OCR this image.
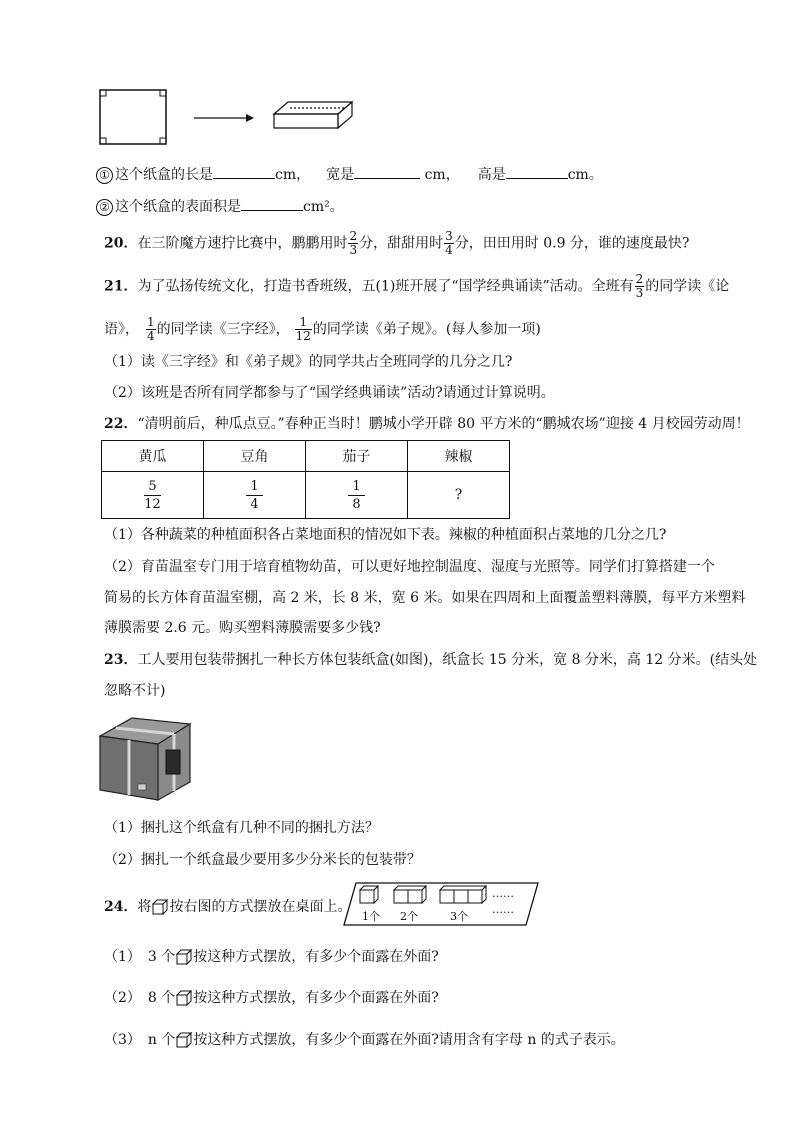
① 这个纸盒的长是	cm， 宽是	cm， 高是	cm。
② 这个纸盒的表面积是	cm²。
20．在三阶魔方速拧比赛中，鹏鹏用时 $\frac{2}{3}$ 分，甜甜用时 $\frac{3}{4}$ 分，田田用时 0.9 分，谁的速度最快?
21．为了弘扬传统文化，打造书香班级，五(1)班开展了“国学经典诵读”活动。全班有 $\frac{2}{3}$ 的同学读《论
语》， $\frac{1}{4}$ 的同学读《三字经》， $\frac{1}{12}$ 的同学读《弟子规》。(每人参加一项)
（1）读《三字经》和《弟子规》的同学共占全班同学的几分之几?
（2）该班是否所有同学都参与了“国学经典诵读”活动?请通过计算说明。
22．“清明前后，种瓜点豆。”春种正当时！鹏城小学开辟 80 平方米的“鹏城农场”迎接 4 月校园劳动周！
黄瓜	豆角	茄子	辣椒

$\frac{5}{12}$	$\frac{1}{4}$	$\frac{1}{8}$	?
（1）各种蔬菜的种植面积各占菜地面积的情况如下表。辣椒的种植面积占菜地的几分之几?
（2）育苗温室专门用于培育植物幼苗，可以更好地控制温度、湿度与光照等。同学们打算搭建一个
简易的长方体育苗温室棚，高 2 米，长 8 米，宽 6 米。如果在四周和上面覆盖塑料薄膜，每平方米塑料
薄膜需要 2.6 元。购买塑料薄膜需要多少钱?
23．工人要用包装带捆扎一种长方体包装纸盒(如图)，纸盒长 15 分米，宽 8 分米，高 12 分米。(结头处
忽略不计)
（1）捆扎这个纸盒有几种不同的捆扎方法？
（2）捆扎一个纸盒最少要用多少分米长的包装带？
24．将 按右图的方式摆放在桌面上。
1个 2个	3个
……
……
（1）　3 个 按这种方式摆放，有多少个面露在外面?
（2）　8 个 按这种方式摆放，有多少个面露在外面?
（3）　n 个 按这种方式摆放，有多少个面露在外面?请用含有字母 n 的式子表示。
